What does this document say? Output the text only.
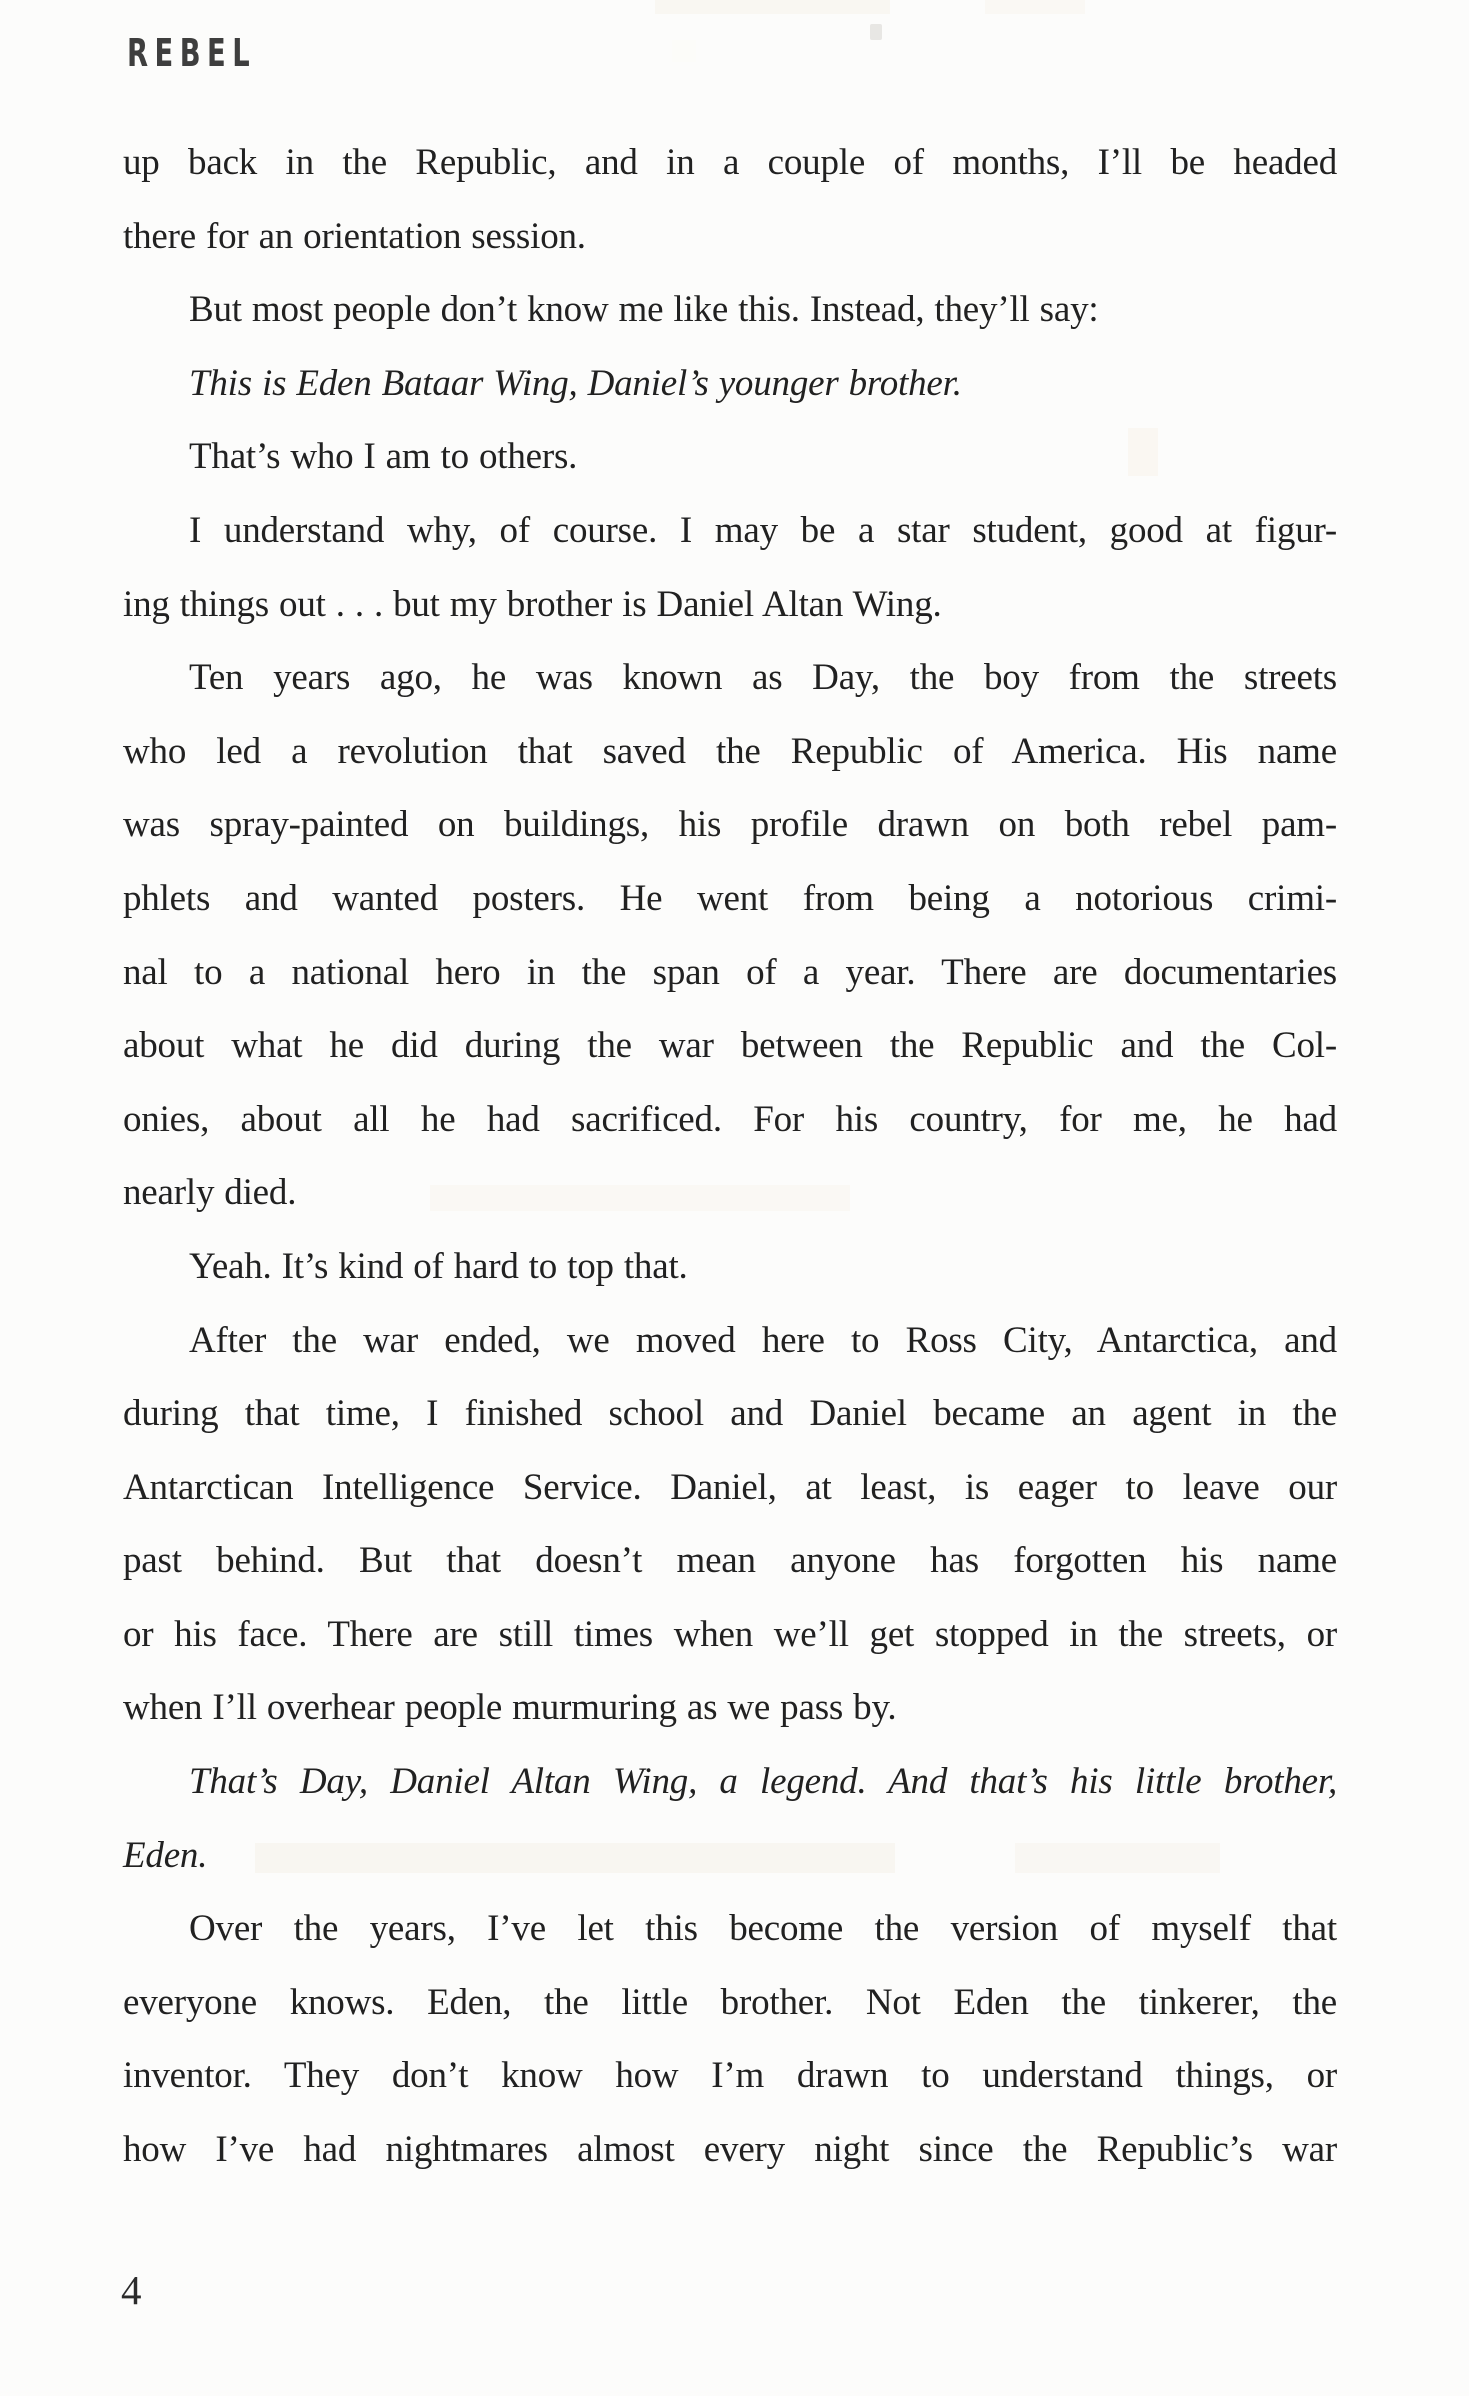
REBEL
up back in the Republic, and in a couple of months, I’ll be headed
there for an orientation session.
But most people don’t know me like this. Instead, they’ll say:
This is Eden Bataar Wing, Daniel’s younger brother.
That’s who I am to others.
I understand why, of course. I may be a star student, good at figur-
ing things out . . . but my brother is Daniel Altan Wing.
Ten years ago, he was known as Day, the boy from the streets
who led a revolution that saved the Republic of America. His name
was spray-painted on buildings, his profile drawn on both rebel pam-
phlets and wanted posters. He went from being a notorious crimi-
nal to a national hero in the span of a year. There are documentaries
about what he did during the war between the Republic and the Col-
onies, about all he had sacrificed. For his country, for me, he had
nearly died.
Yeah. It’s kind of hard to top that.
After the war ended, we moved here to Ross City, Antarctica, and
during that time, I finished school and Daniel became an agent in the
Antarctican Intelligence Service. Daniel, at least, is eager to leave our
past behind. But that doesn’t mean anyone has forgotten his name
or his face. There are still times when we’ll get stopped in the streets, or
when I’ll overhear people murmuring as we pass by.
That’s Day, Daniel Altan Wing, a legend. And that’s his little brother,
Eden.
Over the years, I’ve let this become the version of myself that
everyone knows. Eden, the little brother. Not Eden the tinkerer, the
inventor. They don’t know how I’m drawn to understand things, or
how I’ve had nightmares almost every night since the Republic’s war
4
